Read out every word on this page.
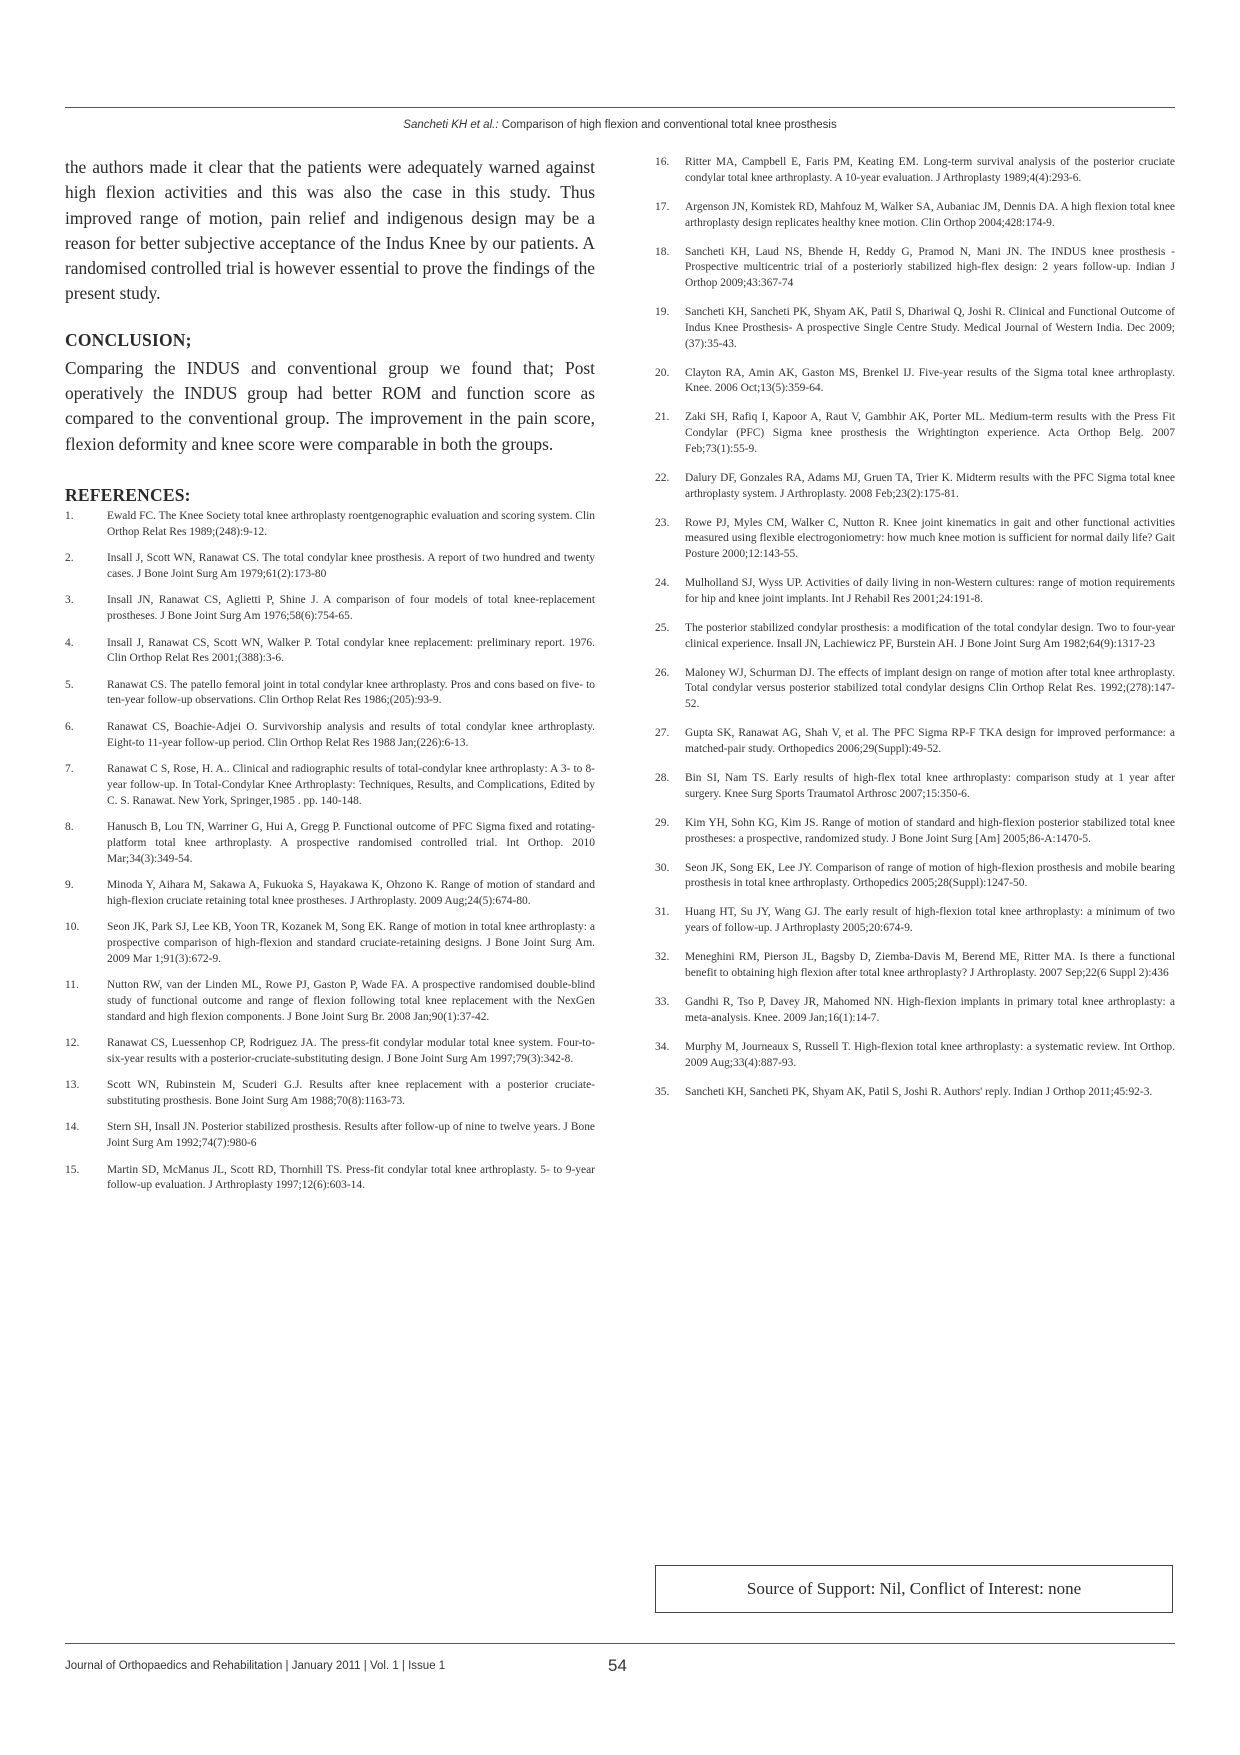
Sancheti KH et al.: Comparison of high flexion and conventional total knee prosthesis

the authors made it clear that the patients were adequately warned against high flexion activities and this was also the case in this study. Thus improved range of motion, pain relief and indigenous design may be a reason for better subjective acceptance of the Indus Knee by our patients. A randomised controlled trial is however essential to prove the findings of the present study.

CONCLUSION;

Comparing the INDUS and conventional group we found that; Post operatively the INDUS group had better ROM and function score as compared to the conventional group. The improvement in the pain score, flexion deformity and knee score were comparable in both the groups.

REFERENCES:
1.	Ewald FC. The Knee Society total knee arthroplasty roentgenographic evaluation and scoring system. Clin Orthop Relat Res 1989;(248):9-12.
2.	Insall J, Scott WN, Ranawat CS. The total condylar knee prosthesis. A report of two hundred and twenty cases. J Bone Joint Surg Am 1979;61(2):173-80
3.	Insall JN, Ranawat CS, Aglietti P, Shine J. A comparison of four models of total knee-replacement prostheses. J Bone Joint Surg Am 1976;58(6):754-65.
4.	Insall J, Ranawat CS, Scott WN, Walker P. Total condylar knee replacement: preliminary report. 1976. Clin Orthop Relat Res 2001;(388):3-6.
5.	Ranawat CS. The patello femoral joint in total condylar knee arthroplasty. Pros and cons based on five- to ten-year follow-up observations. Clin Orthop Relat Res 1986;(205):93-9.
6.	Ranawat CS, Boachie-Adjei O. Survivorship analysis and results of total condylar knee arthroplasty. Eight-to 11-year follow-up period. Clin Orthop Relat Res 1988 Jan;(226):6-13.
7.	Ranawat C S, Rose, H. A.. Clinical and radiographic results of total-condylar knee arthroplasty: A 3- to 8-year follow-up. In Total-Condylar Knee Arthroplasty: Techniques, Results, and Complications, Edited by C. S. Ranawat. New York, Springer,1985 . pp. 140-148.
8.	Hanusch B, Lou TN, Warriner G, Hui A, Gregg P. Functional outcome of PFC Sigma fixed and rotating-platform total knee arthroplasty. A prospective randomised controlled trial. Int Orthop. 2010 Mar;34(3):349-54.
9.	Minoda Y, Aihara M, Sakawa A, Fukuoka S, Hayakawa K, Ohzono K. Range of motion of standard and high-flexion cruciate retaining total knee prostheses. J Arthroplasty. 2009 Aug;24(5):674-80.
10.	Seon JK, Park SJ, Lee KB, Yoon TR, Kozanek M, Song EK. Range of motion in total knee arthroplasty: a prospective comparison of high-flexion and standard cruciate-retaining designs. J Bone Joint Surg Am. 2009 Mar 1;91(3):672-9.
11.	Nutton RW, van der Linden ML, Rowe PJ, Gaston P, Wade FA. A prospective randomised double-blind study of functional outcome and range of flexion following total knee replacement with the NexGen standard and high flexion components. J Bone Joint Surg Br. 2008 Jan;90(1):37-42.
12.	Ranawat CS, Luessenhop CP, Rodriguez JA. The press-fit condylar modular total knee system. Four-to-six-year results with a posterior-cruciate-substituting design. J Bone Joint Surg Am 1997;79(3):342-8.
13.	Scott WN, Rubinstein M, Scuderi G.J. Results after knee replacement with a posterior cruciate-substituting prosthesis. Bone Joint Surg Am 1988;70(8):1163-73.
14.	Stern SH, Insall JN. Posterior stabilized prosthesis. Results after follow-up of nine to twelve years. J Bone Joint Surg Am 1992;74(7):980-6
15.	Martin SD, McManus JL, Scott RD, Thornhill TS. Press-fit condylar total knee arthroplasty. 5- to 9-year follow-up evaluation. J Arthroplasty 1997;12(6):603-14.
16.	Ritter MA, Campbell E, Faris PM, Keating EM. Long-term survival analysis of the posterior cruciate condylar total knee arthroplasty. A 10-year evaluation. J Arthroplasty 1989;4(4):293-6.
17.	Argenson JN, Komistek RD, Mahfouz M, Walker SA, Aubaniac JM, Dennis DA. A high flexion total knee arthroplasty design replicates healthy knee motion. Clin Orthop 2004;428:174-9.
18.	Sancheti KH, Laud NS, Bhende H, Reddy G, Pramod N, Mani JN. The INDUS knee prosthesis - Prospective multicentric trial of a posteriorly stabilized high-flex design: 2 years follow-up. Indian J Orthop 2009;43:367-74
19.	Sancheti KH, Sancheti PK, Shyam AK, Patil S, Dhariwal Q, Joshi R. Clinical and Functional Outcome of Indus Knee Prosthesis- A prospective Single Centre Study. Medical Journal of Western India. Dec 2009; (37):35-43.
20.	Clayton RA, Amin AK, Gaston MS, Brenkel IJ. Five-year results of the Sigma total knee arthroplasty. Knee. 2006 Oct;13(5):359-64.
21.	Zaki SH, Rafiq I, Kapoor A, Raut V, Gambhir AK, Porter ML. Medium-term results with the Press Fit Condylar (PFC) Sigma knee prosthesis the Wrightington experience. Acta Orthop Belg. 2007 Feb;73(1):55-9.
22.	Dalury DF, Gonzales RA, Adams MJ, Gruen TA, Trier K. Midterm results with the PFC Sigma total knee arthroplasty system. J Arthroplasty. 2008 Feb;23(2):175-81.
23.	Rowe PJ, Myles CM, Walker C, Nutton R. Knee joint kinematics in gait and other functional activities measured using flexible electrogoniometry: how much knee motion is sufficient for normal daily life? Gait Posture 2000;12:143-55.
24.	Mulholland SJ, Wyss UP. Activities of daily living in non-Western cultures: range of motion requirements for hip and knee joint implants. Int J Rehabil Res 2001;24:191-8.
25.	The posterior stabilized condylar prosthesis: a modification of the total condylar design. Two to four-year clinical experience. Insall JN, Lachiewicz PF, Burstein AH. J Bone Joint Surg Am 1982;64(9):1317-23
26.	Maloney WJ, Schurman DJ. The effects of implant design on range of motion after total knee arthroplasty. Total condylar versus posterior stabilized total condylar designs Clin Orthop Relat Res. 1992;(278):147-52.
27.	Gupta SK, Ranawat AG, Shah V, et al. The PFC Sigma RP-F TKA design for improved performance: a matched-pair study. Orthopedics 2006;29(Suppl):49-52.
28.	Bin SI, Nam TS. Early results of high-flex total knee arthroplasty: comparison study at 1 year after surgery. Knee Surg Sports Traumatol Arthrosc 2007;15:350-6.
29.	Kim YH, Sohn KG, Kim JS. Range of motion of standard and high-flexion posterior stabilized total knee prostheses: a prospective, randomized study. J Bone Joint Surg [Am] 2005;86-A:1470-5.
30.	Seon JK, Song EK, Lee JY. Comparison of range of motion of high-flexion prosthesis and mobile bearing prosthesis in total knee arthroplasty. Orthopedics 2005;28(Suppl):1247-50.
31.	Huang HT, Su JY, Wang GJ. The early result of high-flexion total knee arthroplasty: a minimum of two years of follow-up. J Arthroplasty 2005;20:674-9.
32.	Meneghini RM, Pierson JL, Bagsby D, Ziemba-Davis M, Berend ME, Ritter MA. Is there a functional benefit to obtaining high flexion after total knee arthroplasty? J Arthroplasty. 2007 Sep;22(6 Suppl 2):436
33.	Gandhi R, Tso P, Davey JR, Mahomed NN. High-flexion implants in primary total knee arthroplasty: a meta-analysis. Knee. 2009 Jan;16(1):14-7.
34.	Murphy M, Journeaux S, Russell T. High-flexion total knee arthroplasty: a systematic review. Int Orthop. 2009 Aug;33(4):887-93.
35.	Sancheti KH, Sancheti PK, Shyam AK, Patil S, Joshi R. Authors' reply. Indian J Orthop 2011;45:92-3.
Source of Support: Nil, Conflict of Interest: none
Journal of Orthopaedics and Rehabilitation | January 2011 | Vol. 1 | Issue 1	54
